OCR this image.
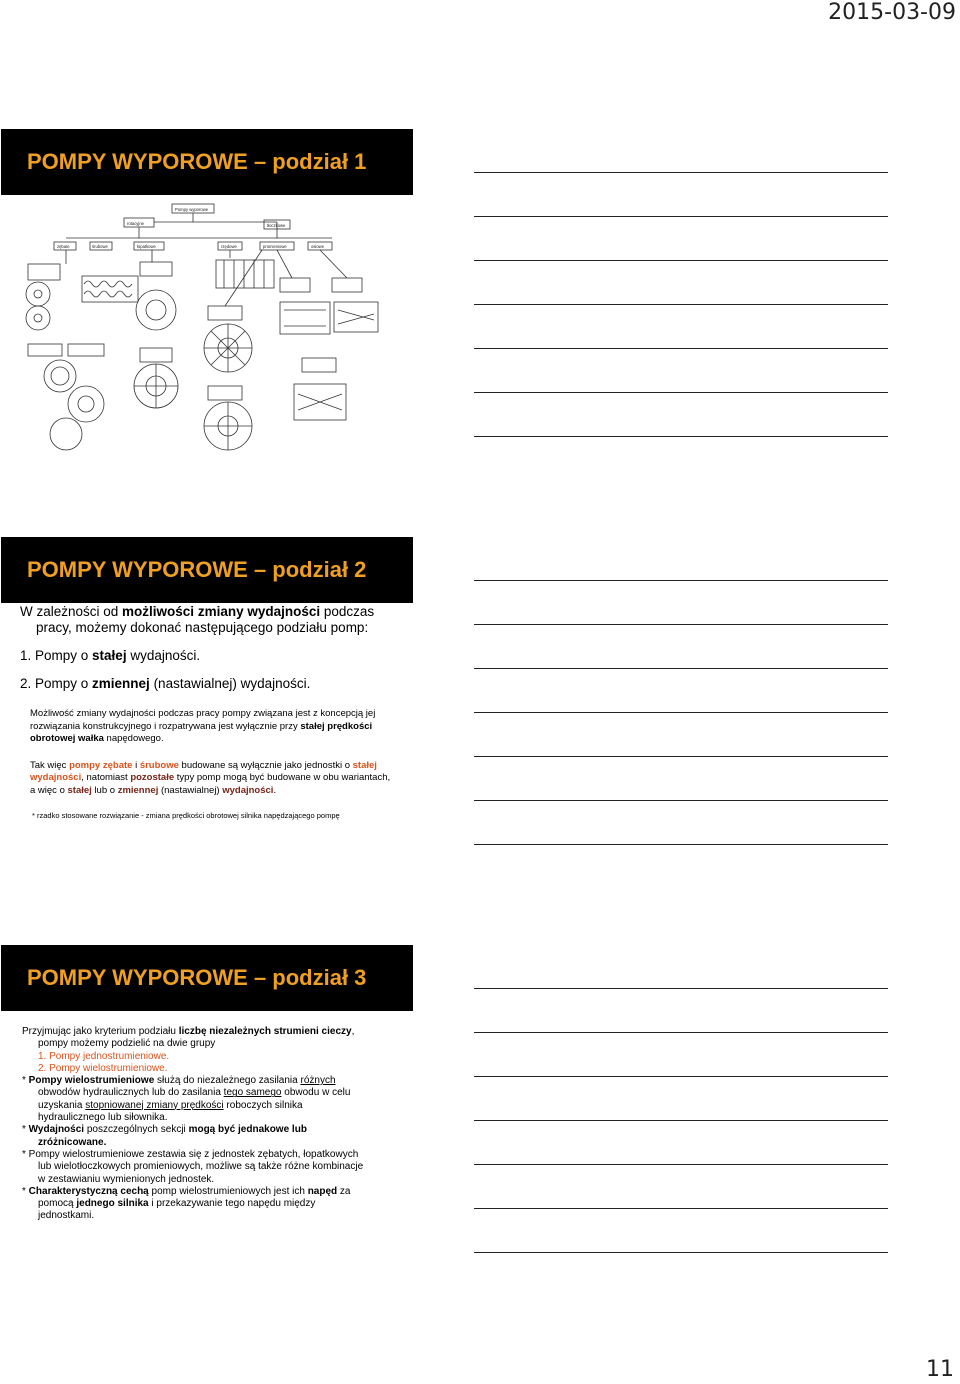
2015-03-09
POMPY WYPOROWE – podział 1
Pompy wyporowe
rotacyjne	tłoczkowe
zębate	śrubowe	łopatkowe	rzędowe	promieniowe	osiowe
POMPY WYPOROWE – podział 2

W zależności od możliwości zmiany wydajności podczas
pracy, możemy dokonać następującego podziału pomp:

1. Pompy o stałej wydajności.

2. Pompy o zmiennej (nastawialnej) wydajności.

Możliwość zmiany wydajności podczas pracy pompy związana jest z koncepcją jej rozwiązania konstrukcyjnego i rozpatrywana jest wyłącznie przy stałej prędkości obrotowej wałka napędowego.

Tak więc pompy zębate i śrubowe budowane są wyłącznie jako jednostki o stałej wydajności, natomiast pozostałe typy pomp mogą być budowane w obu wariantach, a więc o stałej lub o zmiennej (nastawialnej) wydajności.

* rzadko stosowane rozwiązanie - zmiana prędkości obrotowej silnika napędzającego pompę

POMPY WYPOROWE – podział 3
Przyjmując jako kryterium podziału liczbę niezależnych strumieni cieczy,
pompy możemy podzielić na dwie grupy
1. Pompy jednostrumieniowe.
2. Pompy wielostrumieniowe.
* Pompy wielostrumieniowe służą do niezależnego zasilania różnych
obwodów hydraulicznych lub do zasilania tego samego obwodu w celu
uzyskania stopniowanej zmiany prędkości roboczych silnika
hydraulicznego lub siłownika.
* Wydajności poszczególnych sekcji mogą być jednakowe lub
zróżnicowane.
* Pompy wielostrumieniowe zestawia się z jednostek zębatych, łopatkowych
lub wielotłoczkowych promieniowych, możliwe są także różne kombinacje
w zestawianiu wymienionych jednostek.
* Charakterystyczną cechą pomp wielostrumieniowych jest ich napęd za
pomocą jednego silnika i przekazywanie tego napędu między
jednostkami.
11
